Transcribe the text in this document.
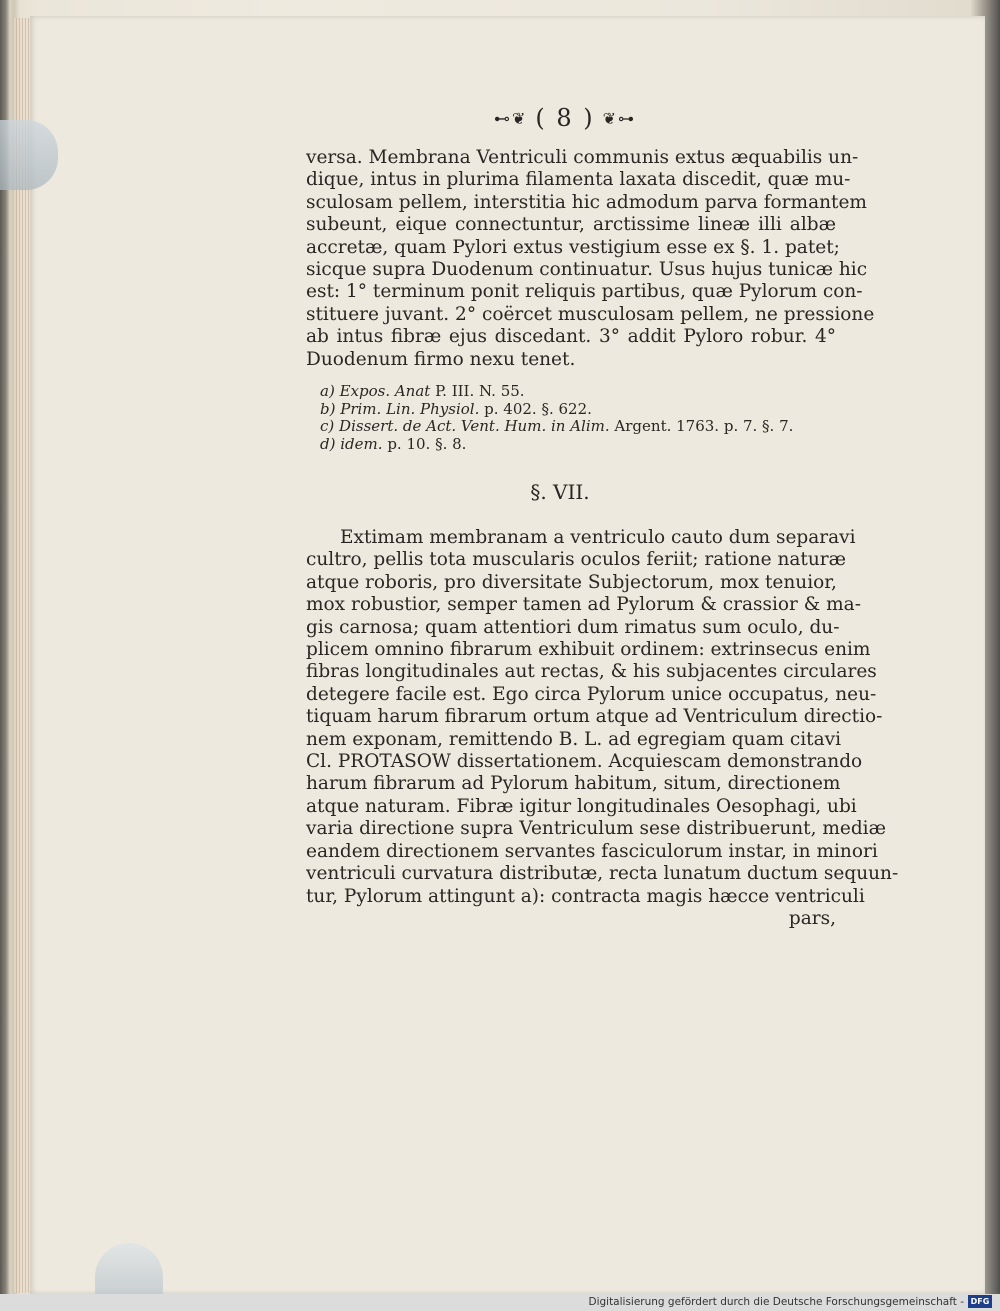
⊷❦ ( 8 ) ❦⊶
versa. Membrana Ventriculi communis extus æquabilis un-
dique, intus in plurima filamenta laxata discedit, quæ mu-
sculosam pellem, interstitia hic admodum parva formantem
subeunt, eique connectuntur, arctissime lineæ illi albæ
accretæ, quam Pylori extus vestigium esse ex §. 1. patet;
sicque supra Duodenum continuatur. Usus hujus tunicæ hic
est: 1° terminum ponit reliquis partibus, quæ Pylorum con-
stituere juvant. 2° coërcet musculosam pellem, ne pressione
ab intus fibræ ejus discedant. 3° addit Pyloro robur. 4°
Duodenum firmo nexu tenet.
a) Expos. Anat P. III. N. 55.
b) Prim. Lin. Physiol. p. 402. §. 622.
c) Dissert. de Act. Vent. Hum. in Alim. Argent. 1763. p. 7. §. 7.
d) idem. p. 10. §. 8.
§. VII.
Extimam membranam a ventriculo cauto dum separavi
cultro, pellis tota muscularis oculos feriit; ratione naturæ
atque roboris, pro diversitate Subjectorum, mox tenuior,
mox robustior, semper tamen ad Pylorum & crassior & ma-
gis carnosa; quam attentiori dum rimatus sum oculo, du-
plicem omnino fibrarum exhibuit ordinem: extrinsecus enim
fibras longitudinales aut rectas, & his subjacentes circulares
detegere facile est. Ego circa Pylorum unice occupatus, neu-
tiquam harum fibrarum ortum atque ad Ventriculum directio-
nem exponam, remittendo B. L. ad egregiam quam citavi
Cl. PROTASOW dissertationem. Acquiescam demonstrando
harum fibrarum ad Pylorum habitum, situm, directionem
atque naturam. Fibræ igitur longitudinales Oesophagi, ubi
varia directione supra Ventriculum sese distribuerunt, mediæ
eandem directionem servantes fasciculorum instar, in minori
ventriculi curvatura distributæ, recta lunatum ductum sequun-
tur, Pylorum attingunt a): contracta magis hæcce ventriculi
pars,
Digitalisierung gefördert durch die Deutsche Forschungsgemeinschaft - DFG
